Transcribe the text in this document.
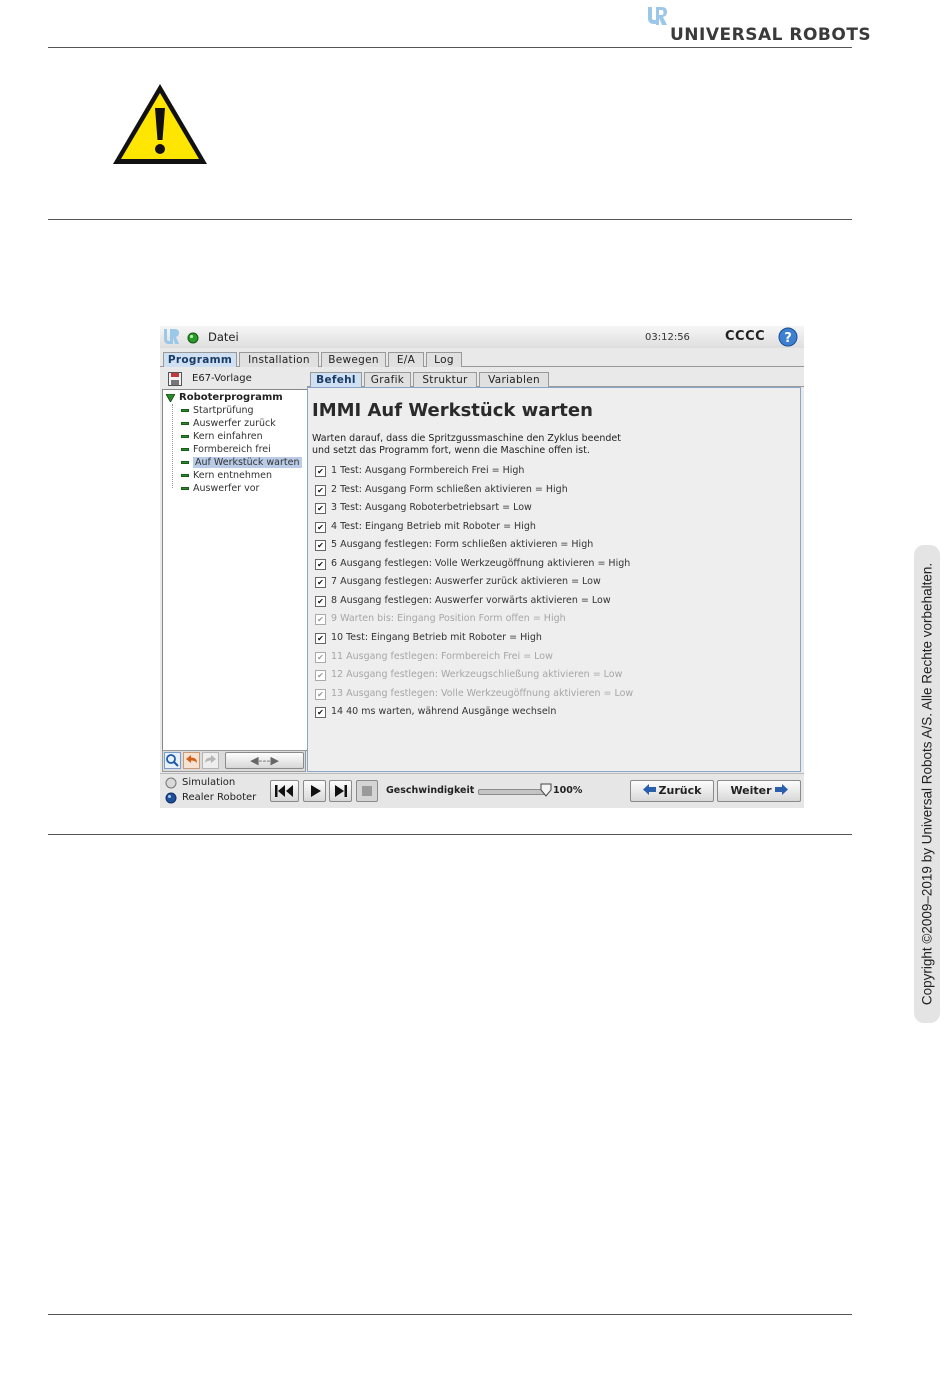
UNIVERSAL ROBOTS
Datei	03:12:56	CCCC ?
Programm	Installation	Bewegen	E/A	Log
E67-Vorlage
Roboterprogramm
Startprüfung
Auswerfer zurück
Kern einfahren
Formbereich frei
Auf Werkstück warten
Kern entnehmen
Auswerfer vor
◀---▶
Befehl	Grafik	Struktur	Variablen
IMMI Auf Werkstück warten
Warten darauf, dass die Spritzgussmaschine den Zyklus beendet
und setzt das Programm fort, wenn die Maschine offen ist.
✔ 1 Test: Ausgang Formbereich Frei = High
✔ 2 Test: Ausgang Form schließen aktivieren = High
✔ 3 Test: Ausgang Roboterbetriebsart = Low
✔ 4 Test: Eingang Betrieb mit Roboter = High
✔ 5 Ausgang festlegen: Form schließen aktivieren = High
✔ 6 Ausgang festlegen: Volle Werkzeugöffnung aktivieren = High
✔ 7 Ausgang festlegen: Auswerfer zurück aktivieren = Low
✔ 8 Ausgang festlegen: Auswerfer vorwärts aktivieren = Low
✔ 9 Warten bis: Eingang Position Form offen = High
✔ 10 Test: Eingang Betrieb mit Roboter = High
✔ 11 Ausgang festlegen: Formbereich Frei = Low
✔ 12 Ausgang festlegen: Werkzeugschließung aktivieren = Low
✔ 13 Ausgang festlegen: Volle Werkzeugöffnung aktivieren = Low
✔ 14 40 ms warten, während Ausgänge wechseln
Simulation
Realer Roboter
Geschwindigkeit	100%	Zurück	Weiter	Copyright ©2009–2019 by Universal Robots A/S. Alle Rechte vorbehalten.
